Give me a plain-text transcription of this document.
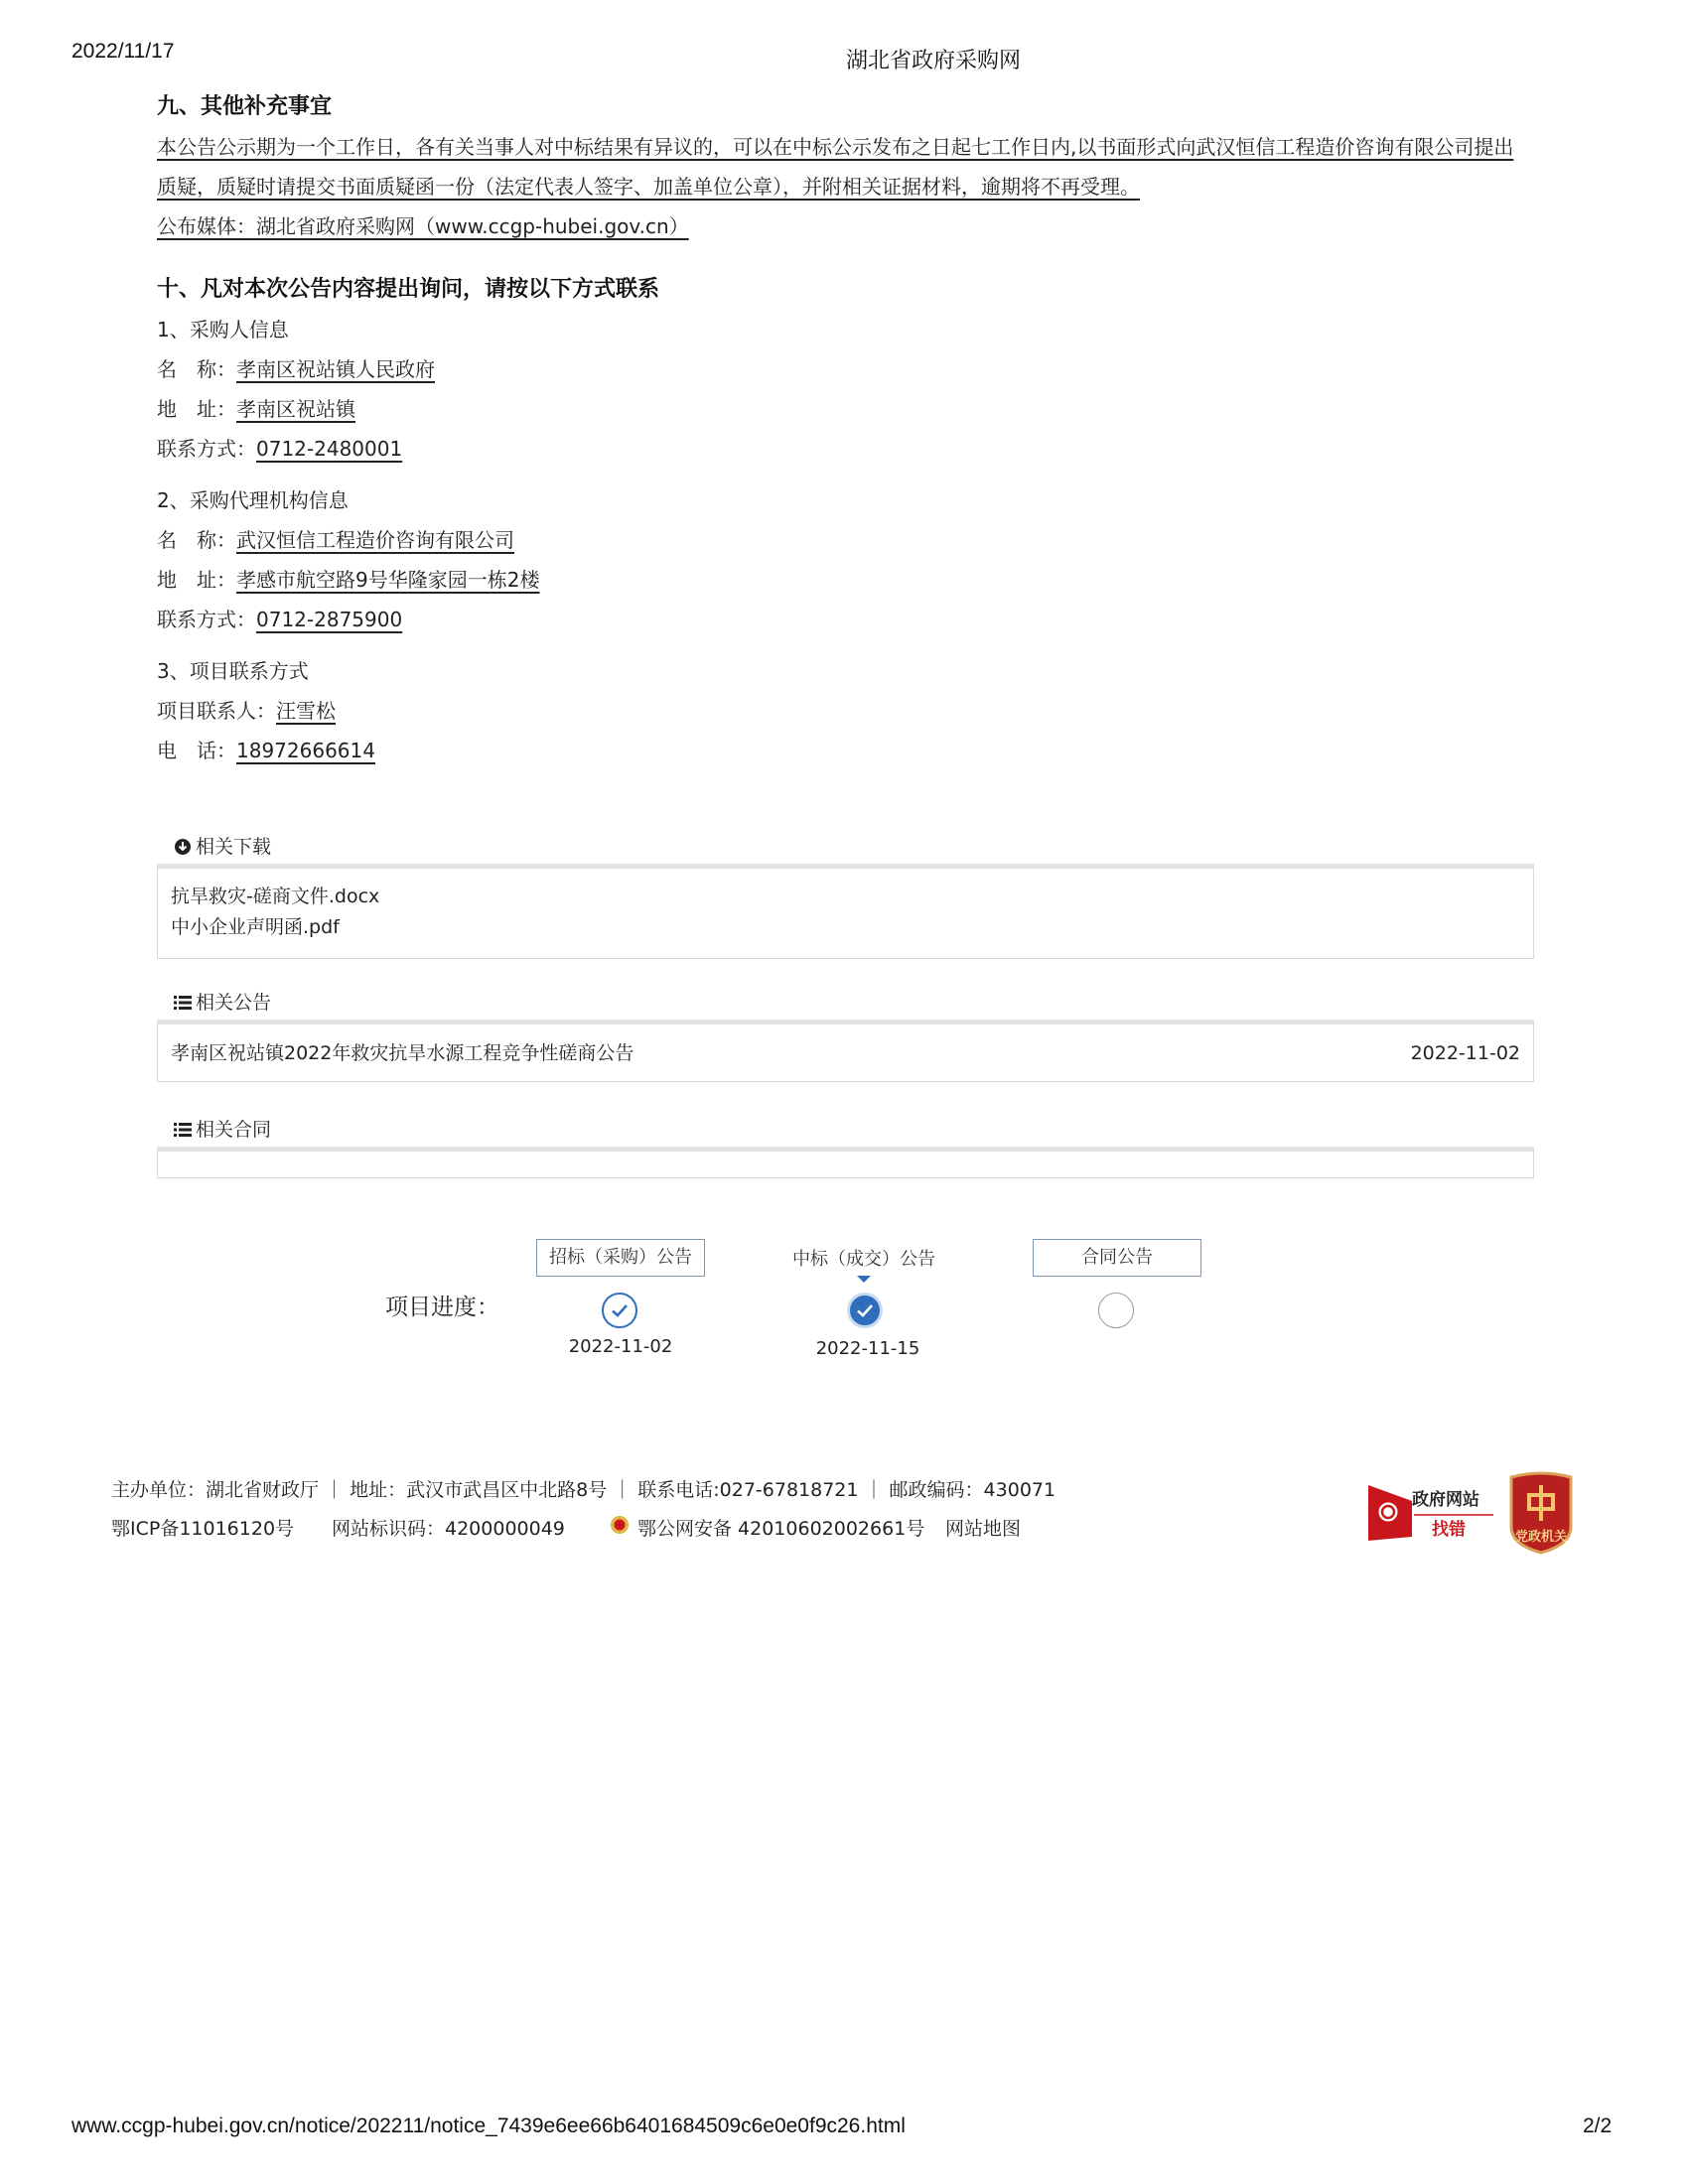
2022/11/17	湖北省政府采购网
九、其他补充事宜
本公告公示期为一个工作日，各有关当事人对中标结果有异议的，可以在中标公示发布之日起七工作日内,以书面形式向武汉恒信工程造价咨询有限公司提出
质疑，质疑时请提交书面质疑函一份（法定代表人签字、加盖单位公章），并附相关证据材料，逾期将不再受理。
公布媒体：湖北省政府采购网（www.ccgp-hubei.gov.cn）
十、凡对本次公告内容提出询问，请按以下方式联系
1、采购人信息
名　称：孝南区祝站镇人民政府
地　址：孝南区祝站镇
联系方式：0712-2480001
2、采购代理机构信息
名　称：武汉恒信工程造价咨询有限公司
地　址：孝感市航空路9号华隆家园一栋2楼
联系方式：0712-2875900
3、项目联系方式
项目联系人：汪雪松
电　话：18972666614
相关下载
抗旱救灾-磋商文件.docx
中小企业声明函.pdf
相关公告
孝南区祝站镇2022年救灾抗旱水源工程竞争性磋商公告	2022-11-02
相关合同
项目进度：
招标（采购）公告
2022-11-02
中标（成交）公告
2022-11-15
合同公告
主办单位：湖北省财政厅 ｜ 地址：武汉市武昌区中北路8号 ｜ 联系电话:027-67818721 ｜ 邮政编码：430071
鄂ICP备11016120号 网站标识码：4200000049	鄂公网安备 42010602002661号 网站地图
政府网站
找错	党政机关
www.ccgp-hubei.gov.cn/notice/202211/notice_7439e6ee66b6401684509c6e0e0f9c26.html	2/2
